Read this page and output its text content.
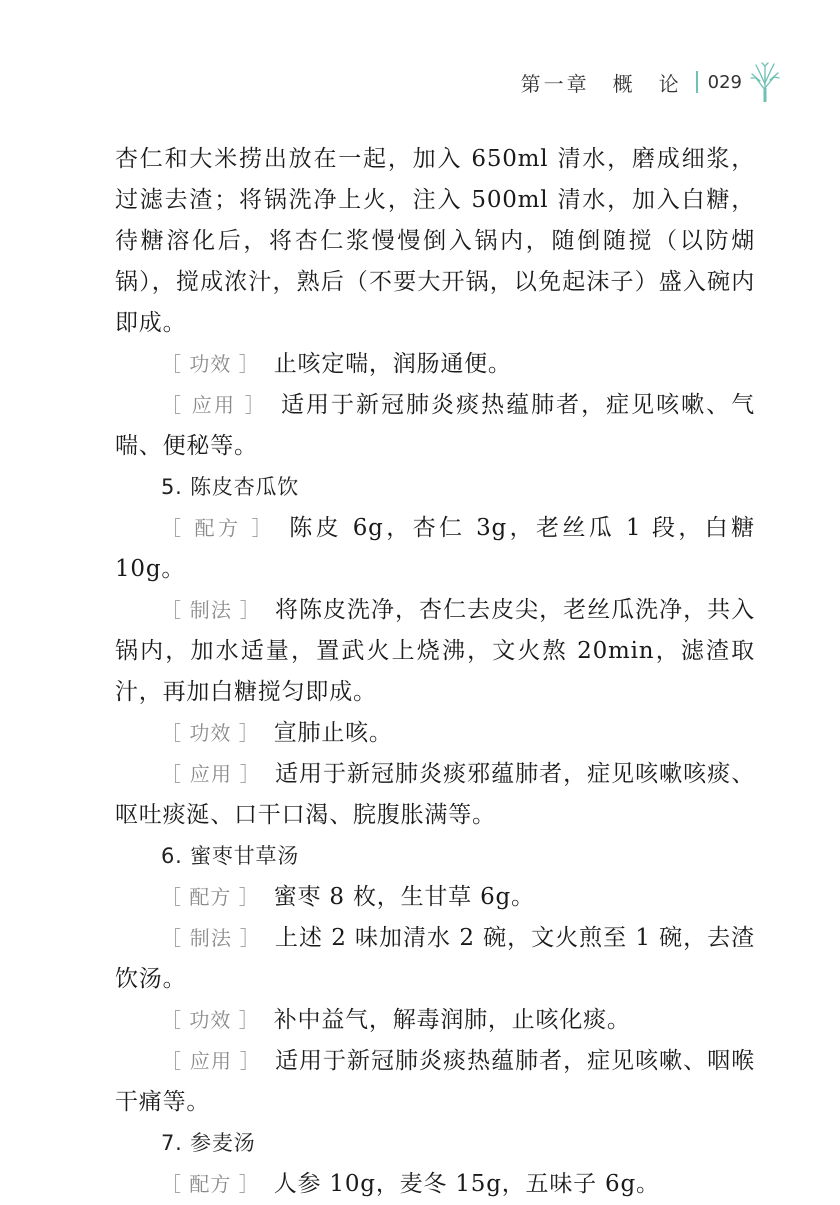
第一章　概　论 029

杏仁和大米捞出放在一起，加入 650ml 清水，磨成细浆，过滤去渣；将锅洗净上火，注入 500ml 清水，加入白糖，待糖溶化后，将杏仁浆慢慢倒入锅内，随倒随搅（以防煳锅），搅成浓汁，熟后（不要大开锅，以免起沫子）盛入碗内即成。

［ 功效 ］ 止咳定喘，润肠通便。

［ 应用 ］ 适用于新冠肺炎痰热蕴肺者，症见咳嗽、气喘、便秘等。

5. 陈皮杏瓜饮

［ 配方 ］ 陈皮 6g，杏仁 3g，老丝瓜 1 段，白糖 10g。

［ 制法 ］ 将陈皮洗净，杏仁去皮尖，老丝瓜洗净，共入锅内，加水适量，置武火上烧沸，文火熬 20min，滤渣取汁，再加白糖搅匀即成。

［ 功效 ］ 宣肺止咳。

［ 应用 ］ 适用于新冠肺炎痰邪蕴肺者，症见咳嗽咳痰、呕吐痰涎、口干口渴、脘腹胀满等。

6. 蜜枣甘草汤

［ 配方 ］ 蜜枣 8 枚，生甘草 6g。

［ 制法 ］ 上述 2 味加清水 2 碗，文火煎至 1 碗，去渣饮汤。

［ 功效 ］ 补中益气，解毒润肺，止咳化痰。

［ 应用 ］ 适用于新冠肺炎痰热蕴肺者，症见咳嗽、咽喉干痛等。

7. 参麦汤

［ 配方 ］ 人参 10g，麦冬 15g，五味子 6g。
